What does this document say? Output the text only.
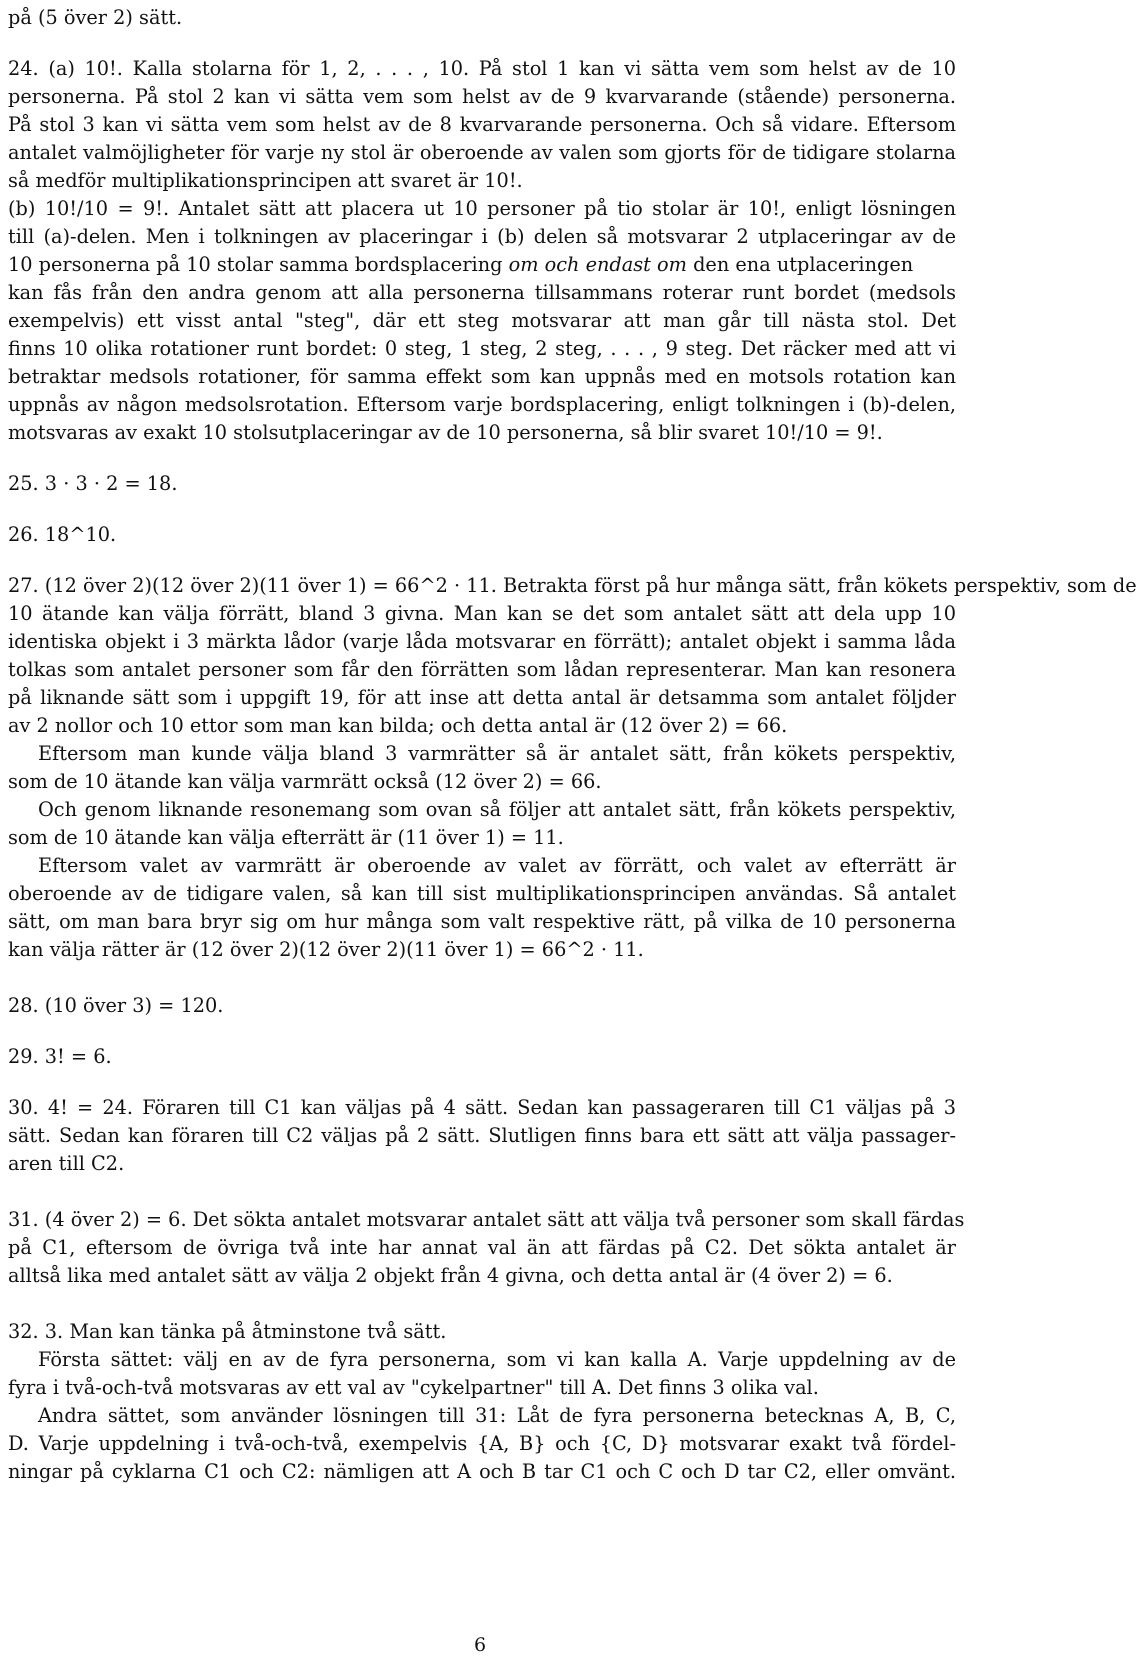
på (5 över 2) sätt.
24. (a) 10!. Kalla stolarna för 1, 2, . . . , 10. På stol 1 kan vi sätta vem som helst av de 10
personerna. På stol 2 kan vi sätta vem som helst av de 9 kvarvarande (stående) personerna.
På stol 3 kan vi sätta vem som helst av de 8 kvarvarande personerna. Och så vidare. Eftersom
antalet valmöjligheter för varje ny stol är oberoende av valen som gjorts för de tidigare stolarna
så medför multiplikationsprincipen att svaret är 10!.
(b) 10!/10 = 9!. Antalet sätt att placera ut 10 personer på tio stolar är 10!, enligt lösningen
till (a)-delen. Men i tolkningen av placeringar i (b) delen så motsvarar 2 utplaceringar av de
10 personerna på 10 stolar samma bordsplacering om och endast om den ena utplaceringen
kan fås från den andra genom att alla personerna tillsammans roterar runt bordet (medsols
exempelvis) ett visst antal "steg", där ett steg motsvarar att man går till nästa stol. Det
finns 10 olika rotationer runt bordet: 0 steg, 1 steg, 2 steg, . . . , 9 steg. Det räcker med att vi
betraktar medsols rotationer, för samma effekt som kan uppnås med en motsols rotation kan
uppnås av någon medsolsrotation. Eftersom varje bordsplacering, enligt tolkningen i (b)-delen,
motsvaras av exakt 10 stolsutplaceringar av de 10 personerna, så blir svaret 10!/10 = 9!.
25. 3 · 3 · 2 = 18.
26. 18^10.
27. (12 över 2)(12 över 2)(11 över 1) = 66^2 · 11. Betrakta först på hur många sätt, från kökets perspektiv, som de
10 ätande kan välja förrätt, bland 3 givna. Man kan se det som antalet sätt att dela upp 10
identiska objekt i 3 märkta lådor (varje låda motsvarar en förrätt); antalet objekt i samma låda
tolkas som antalet personer som får den förrätten som lådan representerar. Man kan resonera
på liknande sätt som i uppgift 19, för att inse att detta antal är detsamma som antalet följder
av 2 nollor och 10 ettor som man kan bilda; och detta antal är (12 över 2) = 66.
Eftersom man kunde välja bland 3 varmrätter så är antalet sätt, från kökets perspektiv,
som de 10 ätande kan välja varmrätt också (12 över 2) = 66.
Och genom liknande resonemang som ovan så följer att antalet sätt, från kökets perspektiv,
som de 10 ätande kan välja efterrätt är (11 över 1) = 11.
Eftersom valet av varmrätt är oberoende av valet av förrätt, och valet av efterrätt är
oberoende av de tidigare valen, så kan till sist multiplikationsprincipen användas. Så antalet
sätt, om man bara bryr sig om hur många som valt respektive rätt, på vilka de 10 personerna
kan välja rätter är (12 över 2)(12 över 2)(11 över 1) = 66^2 · 11.
28. (10 över 3) = 120.
29. 3! = 6.
30. 4! = 24. Föraren till C1 kan väljas på 4 sätt. Sedan kan passageraren till C1 väljas på 3
sätt. Sedan kan föraren till C2 väljas på 2 sätt. Slutligen finns bara ett sätt att välja passager-
aren till C2.
31. (4 över 2) = 6. Det sökta antalet motsvarar antalet sätt att välja två personer som skall färdas
på C1, eftersom de övriga två inte har annat val än att färdas på C2. Det sökta antalet är
alltså lika med antalet sätt av välja 2 objekt från 4 givna, och detta antal är (4 över 2) = 6.
32. 3. Man kan tänka på åtminstone två sätt.
Första sättet: välj en av de fyra personerna, som vi kan kalla A. Varje uppdelning av de
fyra i två-och-två motsvaras av ett val av "cykelpartner" till A. Det finns 3 olika val.
Andra sättet, som använder lösningen till 31: Låt de fyra personerna betecknas A, B, C,
D. Varje uppdelning i två-och-två, exempelvis {A, B} och {C, D} motsvarar exakt två fördel-
ningar på cyklarna C1 och C2: nämligen att A och B tar C1 och C och D tar C2, eller omvänt.
6
